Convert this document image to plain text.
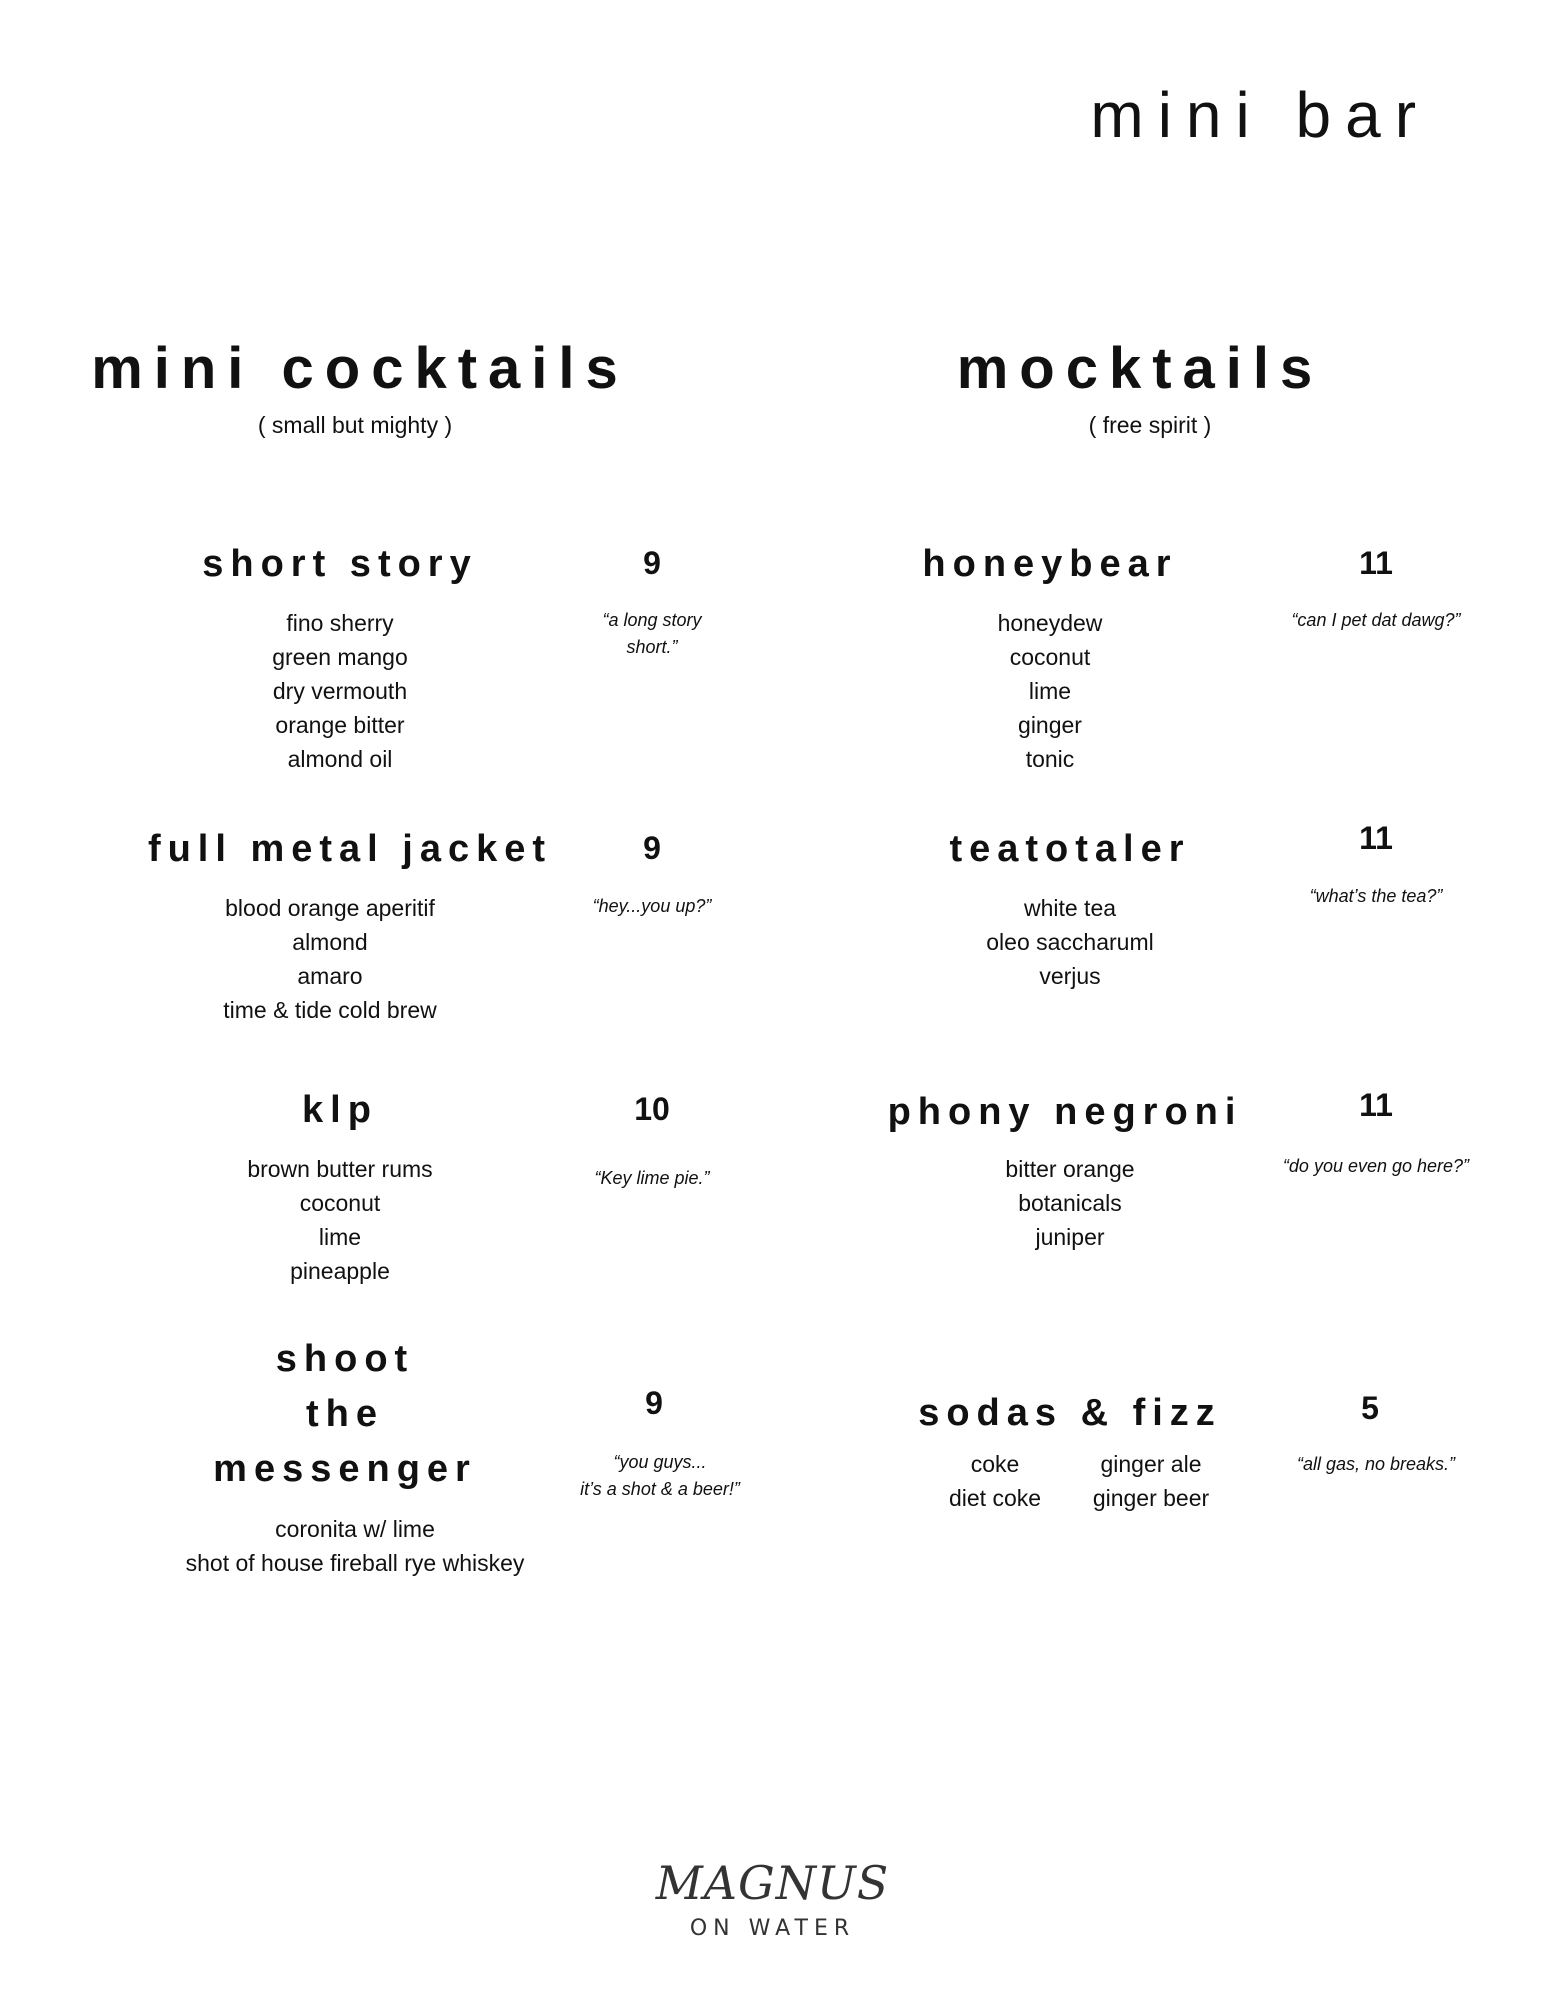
mini bar
mini cocktails
( small but mighty )
mocktails
( free spirit )
short story	9
“a long story
short.”
fino sherry
green mango
dry vermouth
orange bitter
almond oil
full metal jacket	9
“hey...you up?”
blood orange aperitif
almond
amaro
time & tide cold brew
klp	10
“Key lime pie.”
brown butter rums
coconut
lime
pineapple
shoot
the
messenger
9
“you guys...
it’s a shot & a beer!”
coronita w/ lime
shot of house fireball rye whiskey
honeybear	11
“can I pet dat dawg?”
honeydew
coconut
lime
ginger
tonic
teatotaler	11
“what’s the tea?”
white tea
oleo saccharuml
verjus
phony negroni	11
“do you even go here?”
bitter orange
botanicals
juniper
sodas & fizz	5
“all gas, no breaks.”
coke
diet coke
ginger ale
ginger beer
MAGNUS
ON WATER
